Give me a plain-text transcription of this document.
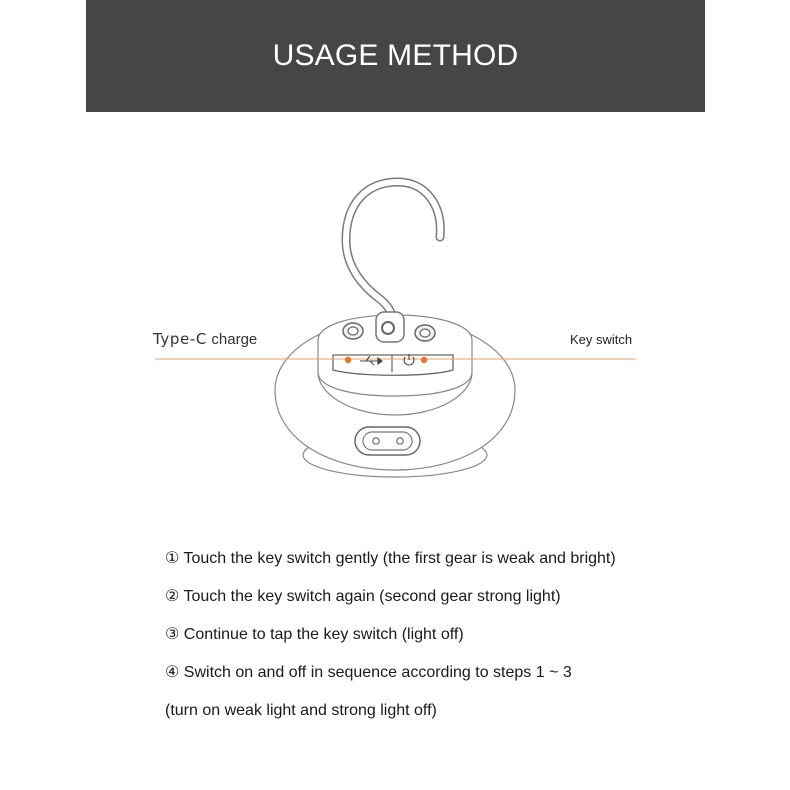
USAGE METHOD
Type-C charge	Key switch
① Touch the key switch gently (the first gear is weak and bright)
② Touch the key switch again (second gear strong light)
③ Continue to tap the key switch (light off)
④ Switch on and off in sequence according to steps 1 ~ 3
(turn on weak light and strong light off)
